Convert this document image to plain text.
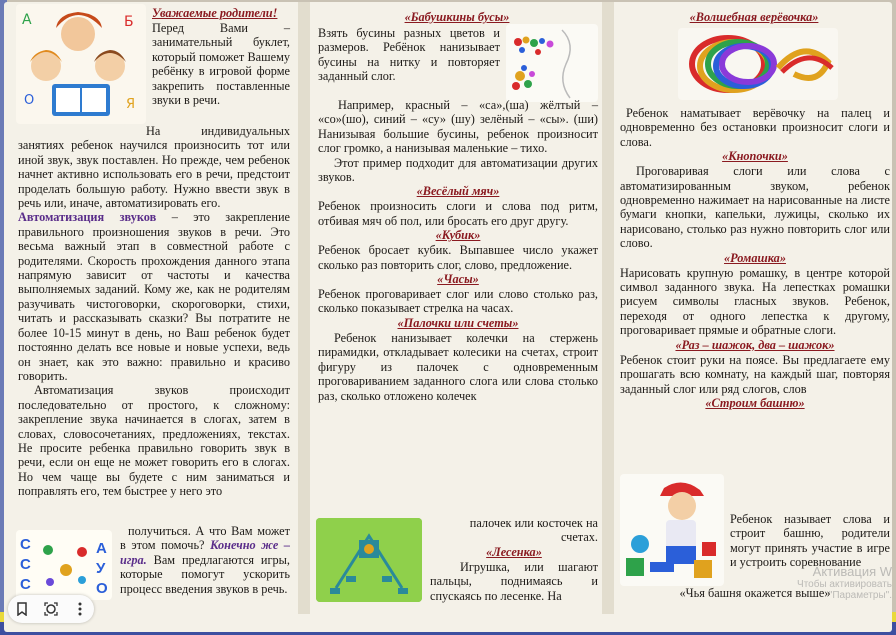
А	Б
О	Я

Уважаемые родители!

Перед Вами – занимательный буклет, который поможет Вашему ребёнку в игровой форме закрепить поставленные звуки в речи.

На индивидуальных занятиях ребенок научился произносить тот или иной звук, звук поставлен. Но прежде, чем ребенок начнет активно использовать его в речи, предстоит проделать большую работу. Нужно ввести звук в речь или, иначе, автоматизировать его.

Автоматизация звуков – это закрепление правильного произношения звуков в речи. Это весьма важный этап в совместной работе с родителями. Скорость прохождения данного этапа напрямую зависит от частоты и качества выполняемых заданий. Кому же, как не родителям разучивать чистоговорки, скороговорки, стихи, читать и рассказывать сказки? Вы потратите не более 10-15 минут в день, но Ваш ребенок будет постоянно делать все новые и новые успехи, ведь он знает, как это важно: правильно и красиво говорить.

Автоматизация звуков происходит последовательно от простого, к сложному: закрепление звука начинается в слогах, затем в словах, словосочетаниях, предложениях, текстах. Не просите ребенка правильно говорить звук в речи, если он еще не может говорить его в слогах. Но чем чаще вы будете с ним заниматься и поправлять его, тем быстрее у него это

С
С
С
А
У
О

получиться. А что Вам может в этом помочь? Конечно же – игра. Вам предлагаются игры, которые помогут ускорить процесс введения звуков в речь.

«Бабушкины бусы»

Взять бусины разных цветов и размеров. Ребёнок нанизывает бусины на нитку и повторяет заданный слог.

Например, красный – «са»,(ша) жёлтый – «со»(шо), синий – «су» (шу) зелёный – «сы». (ши) Нанизывая большие бусины, ребенок произносит слог громко, а нанизывая маленькие – тихо.

Этот пример подходит для автоматизации других звуков.

«Весёлый мяч»

Ребенок произносить слоги и слова под ритм, отбивая мяч об пол, или бросать его друг другу.

«Кубик»

Ребенок бросает кубик. Выпавшее число укажет сколько раз повторить слог, слово, предложение.

«Часы»

Ребенок проговаривает слог или слово столько раз, сколько показывает стрелка на часах.

«Палочки или счеты»

Ребенок нанизывает колечки на стержень пирамидки, откладывает колесики на счетах, строит фигуру из палочек с одновременным проговариванием заданного слога или слова столько раз, сколько отложено колечек

палочек или косточек на счетах.

«Лесенка»

Игрушка, или шагают пальцы, поднимаясь и спускаясь по лесенке. На

«Волшебная верёвочка»

Ребенок наматывает верёвочку на палец и одновременно без остановки произносит слоги и слова.

«Кнопочки»

Проговаривая слоги или слова с автоматизированным звуком, ребенок одновременно нажимает на нарисованные на листе бумаги кнопки, капельки, лужицы, сколько их нарисовано, столько раз нужно повторить слог или слово.

«Ромашка»

Нарисовать крупную ромашку, в центре которой символ заданного звука. На лепестках ромашки рисуем символы гласных звуков. Ребенок, переходя от одного лепестка к другому, проговаривает прямые и обратные слоги.

«Раз – шажок, два – шажок»

Ребенок стоит руки на поясе. Вы предлагаете ему прошагать всю комнату, на каждый шаг, повторяя заданный слог или ряд слогов, слов

«Строим башню»

Ребенок называет слова и строит башню, родители могут принять участие в игре и устроить соревнование

«Чья башня окажется выше»

Активация W
Чтобы активировать
"Параметры".
